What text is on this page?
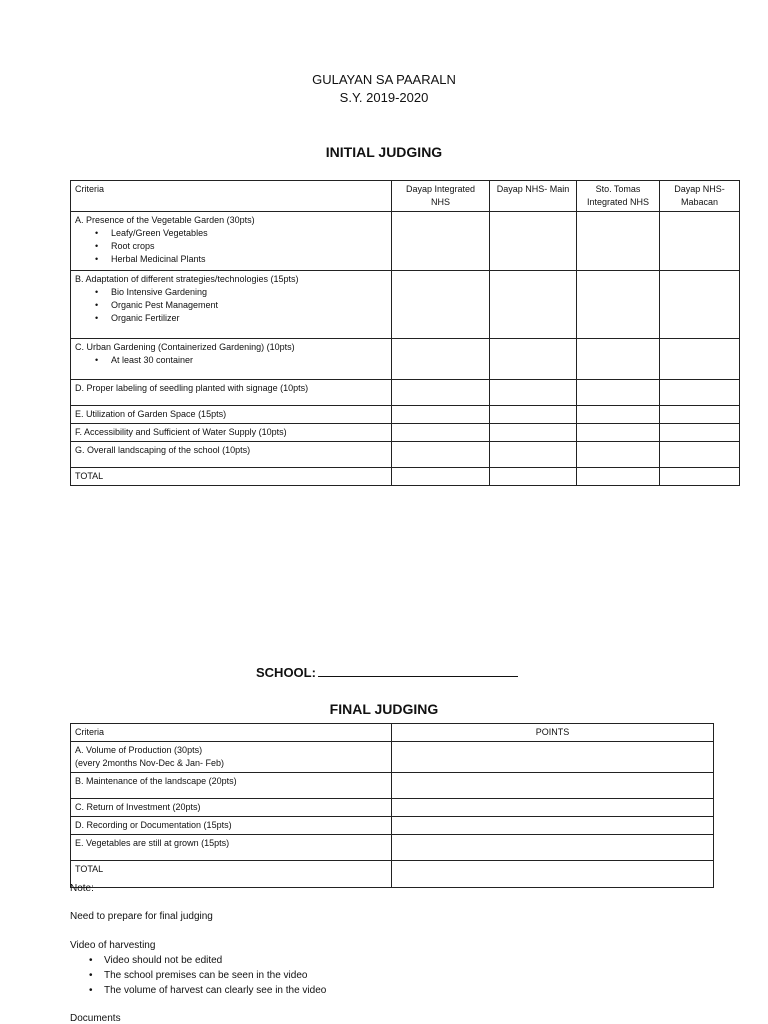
GULAYAN SA PAARALN
S.Y. 2019-2020
INITIAL JUDGING
Criteria	Dayap Integrated NHS	Dayap NHS- Main	Sto. Tomas Integrated NHS	Dayap NHS- Mabacan

A. Presence of the Vegetable Garden (30pts)
• Leafy/Green Vegetables
• Root crops
• Herbal Medicinal Plants

B. Adaptation of different strategies/technologies (15pts)
• Bio Intensive Gardening
• Organic Pest Management
• Organic Fertilizer

C. Urban Gardening (Containerized Gardening) (10pts)
• At least 30 container

D. Proper labeling of seedling planted with signage (10pts)				
E. Utilization of Garden Space (15pts)				
F. Accessibility and Sufficient of Water Supply (10pts)				
G. Overall landscaping of the school (10pts)				
TOTAL				
SCHOOL:
FINAL JUDGING
Criteria	POINTS

A. Volume of Production (30pts)
(every 2months Nov-Dec & Jan- Feb)	

B. Maintenance of the landscape (20pts)	
C. Return of Investment (20pts)	
D. Recording or Documentation (15pts)	
E. Vegetables are still at grown (15pts)	
TOTAL	
Note:
Need to prepare for final judging
Video of harvesting
• Video should not be edited
• The school premises can be seen in the video
• The volume of harvest can clearly see in the video
Documents
